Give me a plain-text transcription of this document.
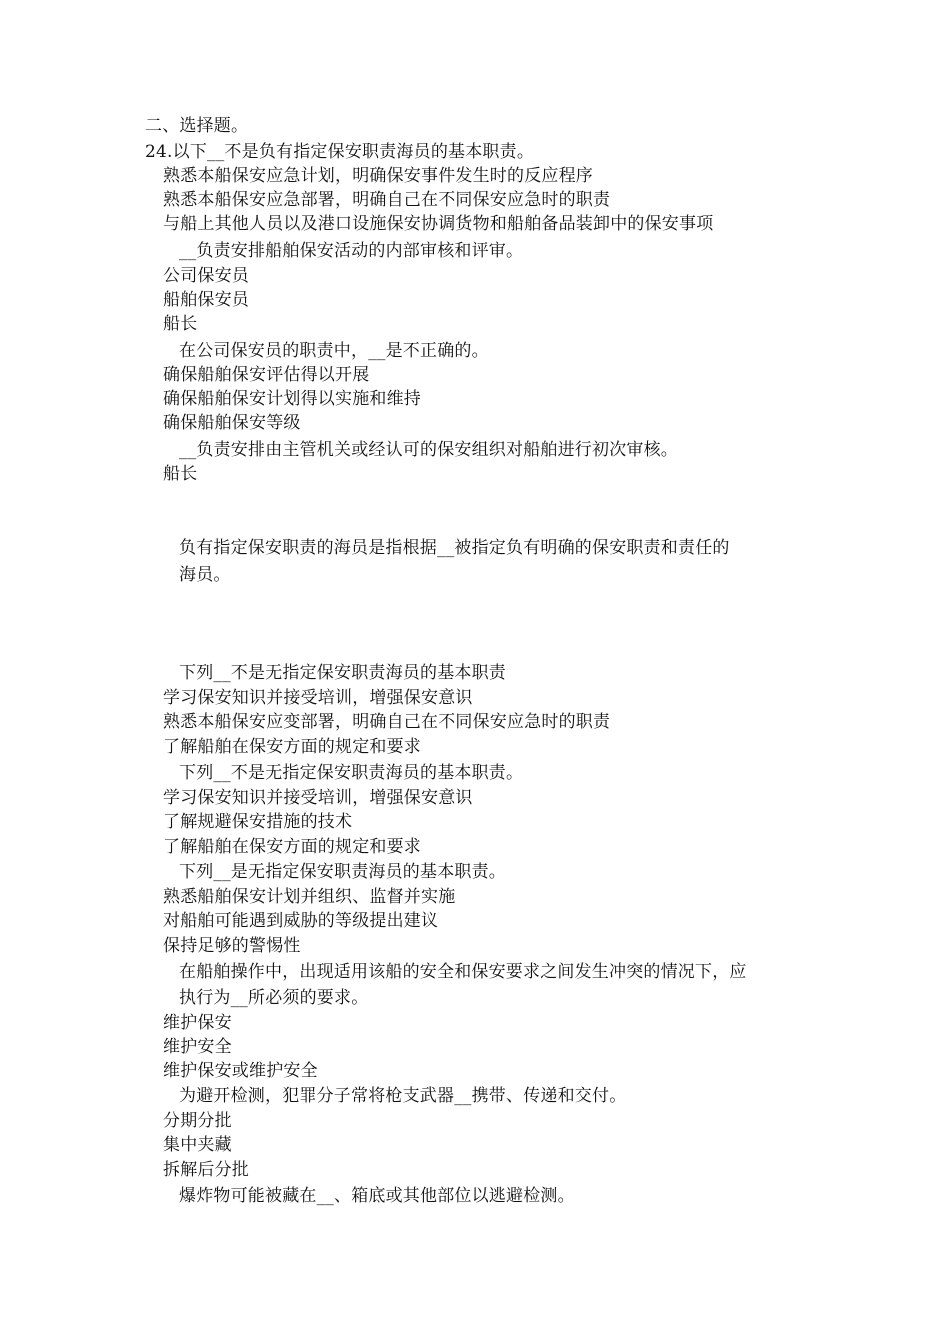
二、选择题。
24.以下__不是负有指定保安职责海员的基本职责。
熟悉本船保安应急计划，明确保安事件发生时的反应程序
熟悉本船保安应急部署，明确自己在不同保安应急时的职责
与船上其他人员以及港口设施保安协调货物和船舶备品装卸中的保安事项
__负责安排船舶保安活动的内部审核和评审。
公司保安员
船舶保安员
船长
在公司保安员的职责中，__是不正确的。
确保船舶保安评估得以开展
确保船舶保安计划得以实施和维持
确保船舶保安等级
__负责安排由主管机关或经认可的保安组织对船舶进行初次审核。
船长
负有指定保安职责的海员是指根据__被指定负有明确的保安职责和责任的
海员。
下列__不是无指定保安职责海员的基本职责
学习保安知识并接受培训，增强保安意识
熟悉本船保安应变部署，明确自己在不同保安应急时的职责
了解船舶在保安方面的规定和要求
下列__不是无指定保安职责海员的基本职责。
学习保安知识并接受培训，增强保安意识
了解规避保安措施的技术
了解船舶在保安方面的规定和要求
下列__是无指定保安职责海员的基本职责。
熟悉船舶保安计划并组织、监督并实施
对船舶可能遇到威胁的等级提出建议
保持足够的警惕性
在船舶操作中，出现适用该船的安全和保安要求之间发生冲突的情况下，应
执行为__所必须的要求。
维护保安
维护安全
维护保安或维护安全
为避开检测，犯罪分子常将枪支武器__携带、传递和交付。
分期分批
集中夹藏
拆解后分批
爆炸物可能被藏在__、箱底或其他部位以逃避检测。
